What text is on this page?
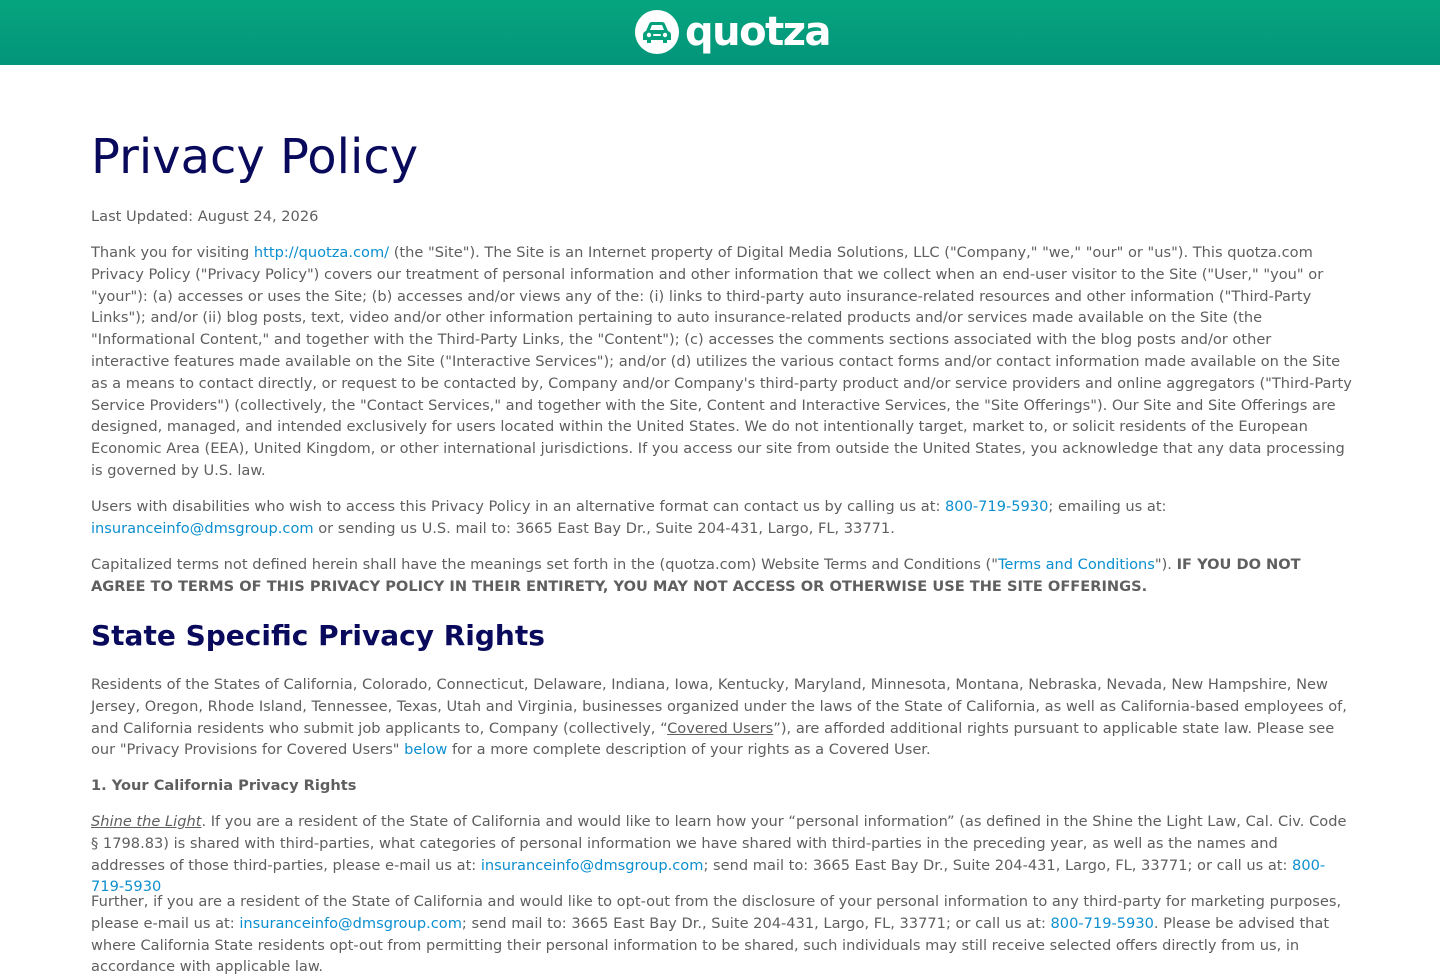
quotza
Privacy Policy

Last Updated: August 24, 2026

Thank you for visiting http://quotza.com/ (the "Site"). The Site is an Internet property of Digital Media Solutions, LLC ("Company," "we," "our" or "us"). This quotza.com Privacy Policy ("Privacy Policy") covers our treatment of personal information and other information that we collect when an end-user visitor to the Site ("User," "you" or "your"): (a) accesses or uses the Site; (b) accesses and/or views any of the: (i) links to third-party auto insurance-related resources and other information ("Third-Party Links"); and/or (ii) blog posts, text, video and/or other information pertaining to auto insurance-related products and/or services made available on the Site (the "Informational Content," and together with the Third-Party Links, the "Content"); (c) accesses the comments sections associated with the blog posts and/or other interactive features made available on the Site ("Interactive Services"); and/or (d) utilizes the various contact forms and/or contact information made available on the Site as a means to contact directly, or request to be contacted by, Company and/or Company's third-party product and/or service providers and online aggregators ("Third-Party Service Providers") (collectively, the "Contact Services," and together with the Site, Content and Interactive Services, the "Site Offerings"). Our Site and Site Offerings are designed, managed, and intended exclusively for users located within the United States. We do not intentionally target, market to, or solicit residents of the European Economic Area (EEA), United Kingdom, or other international jurisdictions. If you access our site from outside the United States, you acknowledge that any data processing is governed by U.S. law.

Users with disabilities who wish to access this Privacy Policy in an alternative format can contact us by calling us at: 800-719-5930; emailing us at: insuranceinfo@dmsgroup.com or sending us U.S. mail to: 3665 East Bay Dr., Suite 204-431, Largo, FL, 33771.

Capitalized terms not defined herein shall have the meanings set forth in the (quotza.com) Website Terms and Conditions ("Terms and Conditions"). IF YOU DO NOT AGREE TO TERMS OF THIS PRIVACY POLICY IN THEIR ENTIRETY, YOU MAY NOT ACCESS OR OTHERWISE USE THE SITE OFFERINGS.

State Specific Privacy Rights

Residents of the States of California, Colorado, Connecticut, Delaware, Indiana, Iowa, Kentucky, Maryland, Minnesota, Montana, Nebraska, Nevada, New Hampshire, New Jersey, Oregon, Rhode Island, Tennessee, Texas, Utah and Virginia, businesses organized under the laws of the State of California, as well as California-based employees of, and California residents who submit job applicants to, Company (collectively, “Covered Users”), are afforded additional rights pursuant to applicable state law. Please see our "Privacy Provisions for Covered Users" below for a more complete description of your rights as a Covered User.

1. Your California Privacy Rights

Shine the Light. If you are a resident of the State of California and would like to learn how your “personal information” (as defined in the Shine the Light Law, Cal. Civ. Code § 1798.83) is shared with third-parties, what categories of personal information we have shared with third-parties in the preceding year, as well as the names and addresses of those third-parties, please e-mail us at: insuranceinfo@dmsgroup.com; send mail to: 3665 East Bay Dr., Suite 204-431, Largo, FL, 33771; or call us at: 800-719-5930

Further, if you are a resident of the State of California and would like to opt-out from the disclosure of your personal information to any third-party for marketing purposes, please e-mail us at: insuranceinfo@dmsgroup.com; send mail to: 3665 East Bay Dr., Suite 204-431, Largo, FL, 33771; or call us at: 800-719-5930. Please be advised that where California State residents opt-out from permitting their personal information to be shared, such individuals may still receive selected offers directly from us, in accordance with applicable law.
